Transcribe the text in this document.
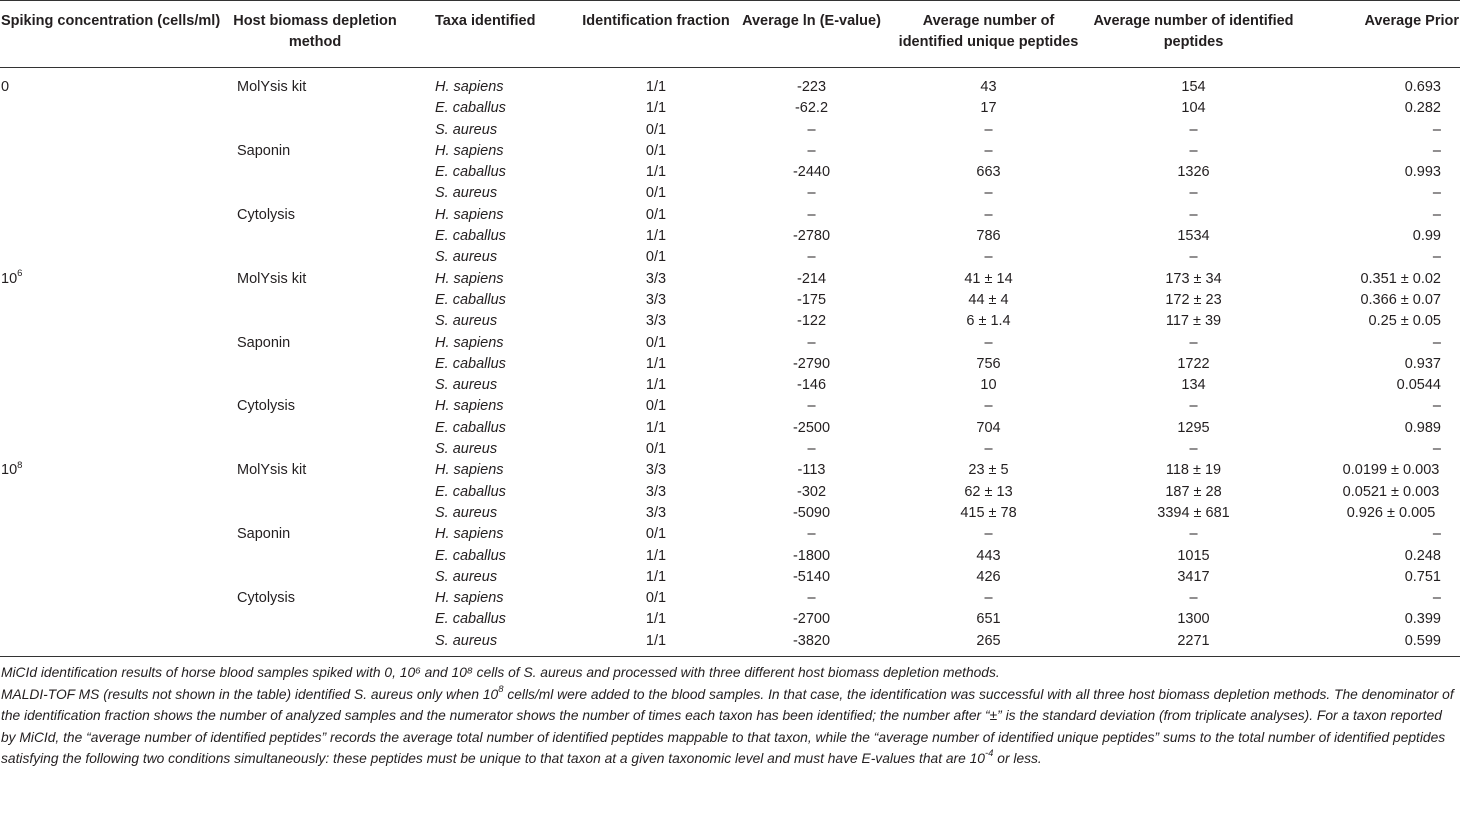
Spiking concentration (cells/ml)	Host biomass depletion method	Taxa identified	Identification fraction	Average ln (E-value)	Average number of identified unique peptides	Average number of identified peptides	Average Prior
0	MolYsis kit	H. sapiens	1/1	-223	43	154	0.693
		E. caballus	1/1	-62.2	17	104	0.282
		S. aureus	0/1	–	–	–	–
	Saponin	H. sapiens	0/1	–	–	–	–
		E. caballus	1/1	-2440	663	1326	0.993
		S. aureus	0/1	–	–	–	–
	Cytolysis	H. sapiens	0/1	–	–	–	–
		E. caballus	1/1	-2780	786	1534	0.99
		S. aureus	0/1	–	–	–	–
$10^6$	MolYsis kit	H. sapiens	3/3	-214	41 ± 14	173 ± 34	0.351 ± 0.02
		E. caballus	3/3	-175	44 ± 4	172 ± 23	0.366 ± 0.07
		S. aureus	3/3	-122	6 ± 1.4	117 ± 39	0.25 ± 0.05
	Saponin	H. sapiens	0/1	–	–	–	–
		E. caballus	1/1	-2790	756	1722	0.937
		S. aureus	1/1	-146	10	134	0.0544
	Cytolysis	H. sapiens	0/1	–	–	–	–
		E. caballus	1/1	-2500	704	1295	0.989
		S. aureus	0/1	–	–	–	–
$10^8$	MolYsis kit	H. sapiens	3/3	-113	23 ± 5	118 ± 19	0.0199 ± 0.003
		E. caballus	3/3	-302	62 ± 13	187 ± 28	0.0521 ± 0.003
		S. aureus	3/3	-5090	415 ± 78	3394 ± 681	0.926 ± 0.005
	Saponin	H. sapiens	0/1	–	–	–	–
		E. caballus	1/1	-1800	443	1015	0.248
		S. aureus	1/1	-5140	426	3417	0.751
	Cytolysis	H. sapiens	0/1	–	–	–	–
		E. caballus	1/1	-2700	651	1300	0.399
		S. aureus	1/1	-3820	265	2271	0.599

MiCId identification results of horse blood samples spiked with 0, 10⁶ and 10⁸ cells of S. aureus and processed with three different host biomass depletion methods.

MALDI-TOF MS (results not shown in the table) identified S. aureus only when $10^8$ cells/ml were added to the blood samples. In that case, the identification was successful with all three host biomass depletion methods. The denominator of the identification fraction shows the number of analyzed samples and the numerator shows the number of times each taxon has been identified; the number after “±” is the standard deviation (from triplicate analyses). For a taxon reported by MiCId, the “average number of identified peptides” records the average total number of identified peptides mappable to that taxon, while the “average number of identified unique peptides” sums to the total number of identified peptides satisfying the following two conditions simultaneously: these peptides must be unique to that taxon at a given taxonomic level and must have E-values that are $10^{-4}$ or less.
